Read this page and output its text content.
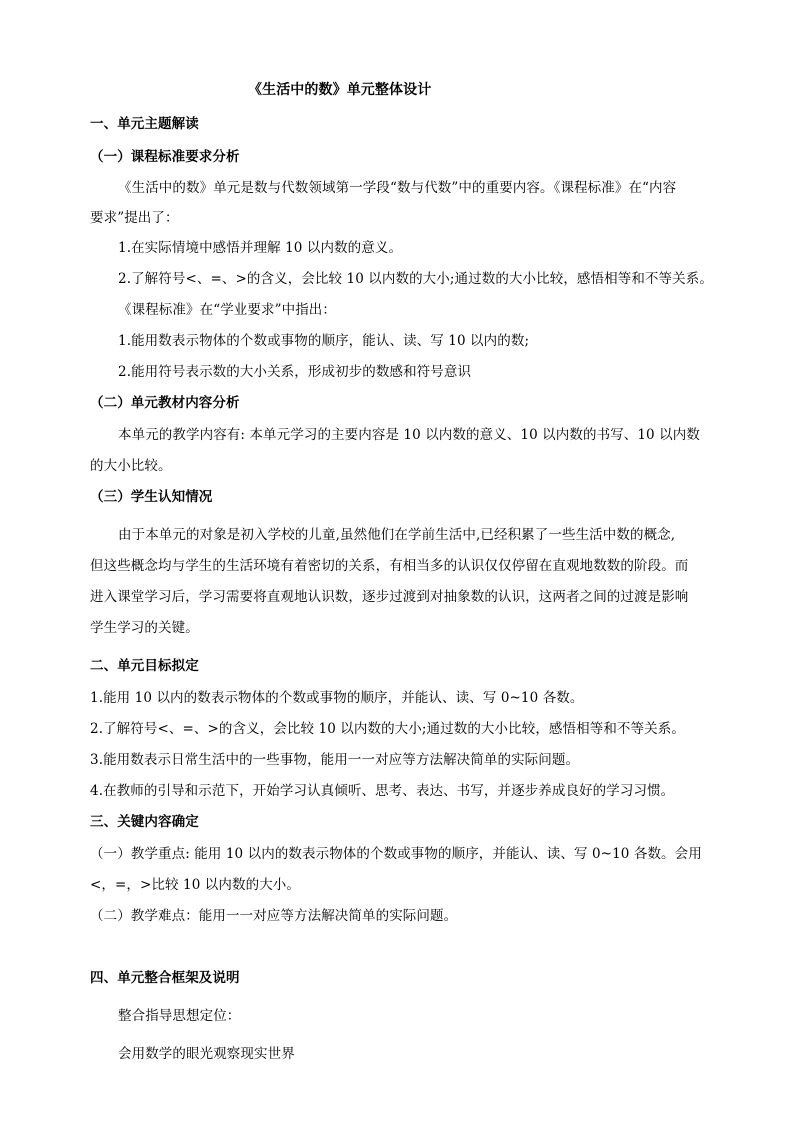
《生活中的数》单元整体设计
一、单元主题解读
（一）课程标准要求分析
《生活中的数》单元是数与代数领域第一学段“数与代数”中的重要内容。《课程标准》在“内容
要求”提出了：
1.在实际情境中感悟并理解 10 以内数的意义。
2.了解符号<、=、>的含义，会比较 10 以内数的大小;通过数的大小比较，感悟相等和不等关系。
《课程标准》在“学业要求”中指出：
1.能用数表示物体的个数或事物的顺序，能认、读、写 10 以内的数;
2.能用符号表示数的大小关系，形成初步的数感和符号意识
（二）单元教材内容分析
本单元的教学内容有: 本单元学习的主要内容是 10 以内数的意义、10 以内数的书写、10 以内数
的大小比较。
（三）学生认知情况
由于本单元的对象是初入学校的儿童,虽然他们在学前生活中,已经积累了一些生活中数的概念,
但这些概念均与学生的生活环境有着密切的关系，有相当多的认识仅仅停留在直观地数数的阶段。而
进入课堂学习后，学习需要将直观地认识数，逐步过渡到对抽象数的认识，这两者之间的过渡是影响
学生学习的关键。
二、单元目标拟定
1.能用 10 以内的数表示物体的个数或事物的顺序，并能认、读、写 0~10 各数。
2.了解符号<、=、>的含义，会比较 10 以内数的大小;通过数的大小比较，感悟相等和不等关系。
3.能用数表示日常生活中的一些事物，能用一一对应等方法解决简单的实际问题。
4.在教师的引导和示范下，开始学习认真倾听、思考、表达、书写，并逐步养成良好的学习习惯。
三、关键内容确定
（一）教学重点: 能用 10 以内的数表示物体的个数或事物的顺序，并能认、读、写 0~10 各数。会用
<，=，>比较 10 以内数的大小。
（二）教学难点：能用一一对应等方法解决简单的实际问题。
四、单元整合框架及说明
整合指导思想定位：
会用数学的眼光观察现实世界
